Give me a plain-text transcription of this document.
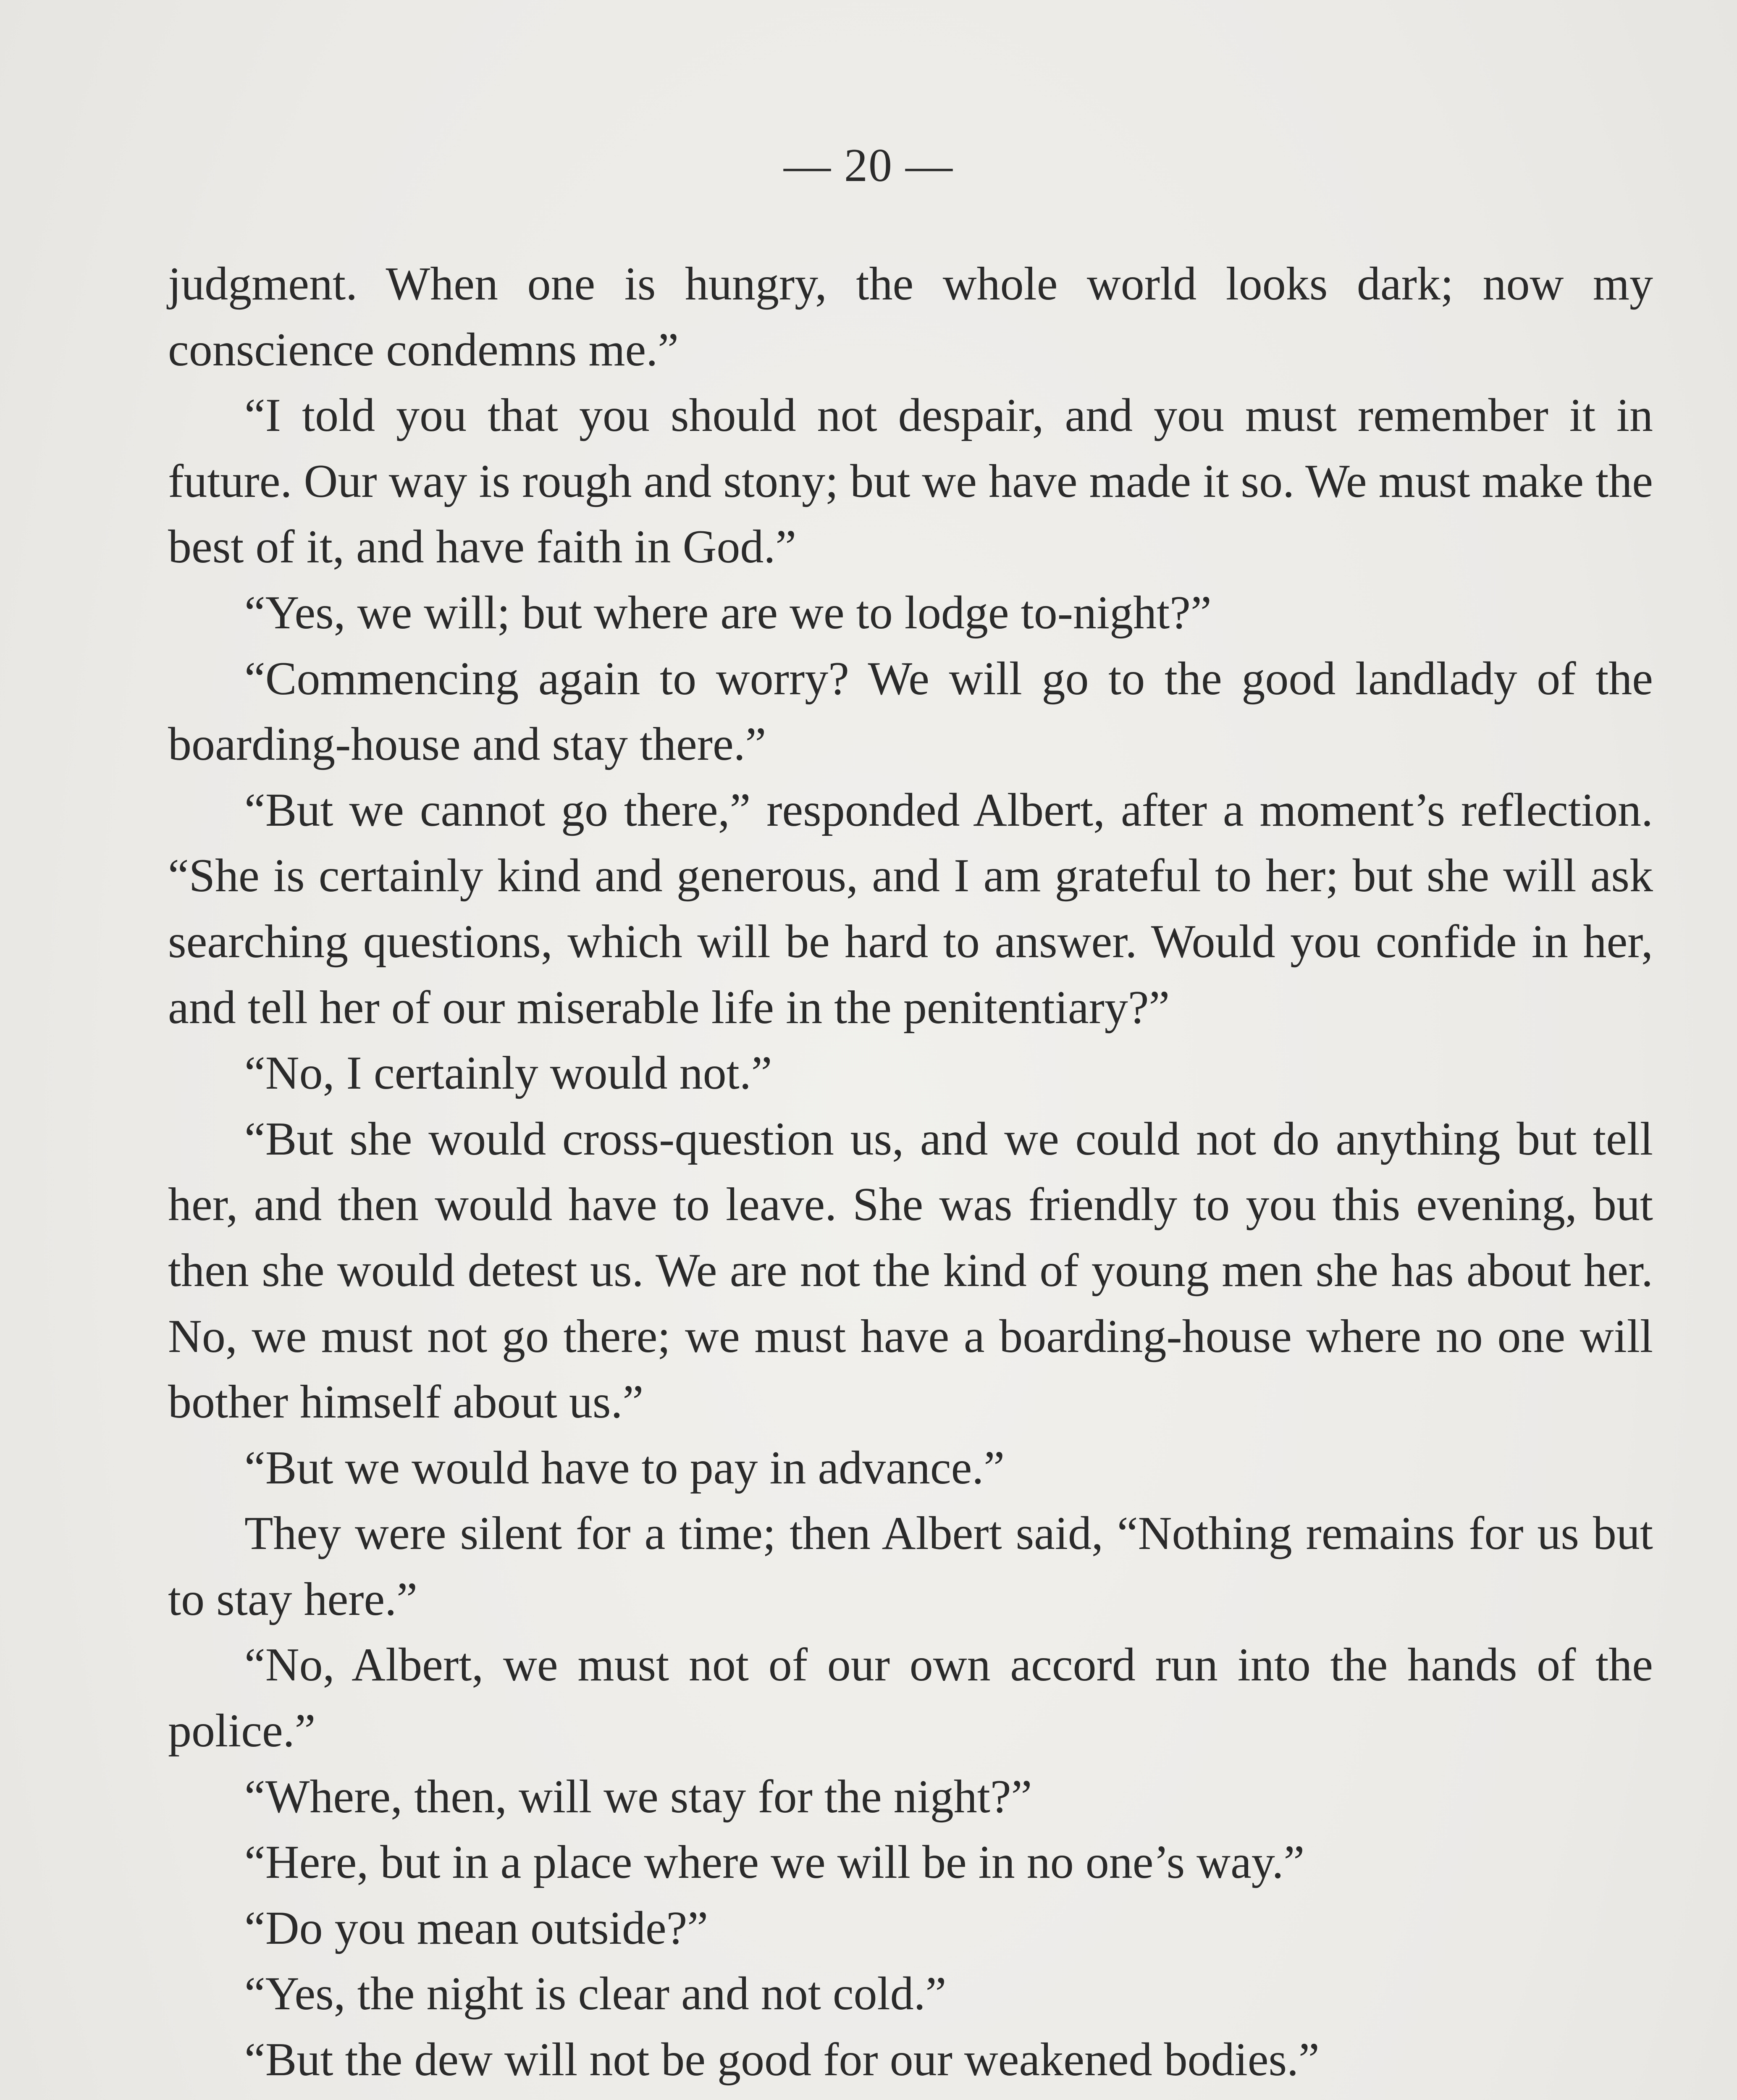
— 20 —

judgment. When one is hungry, the whole world looks dark; now my conscience condemns me.”

“I told you that you should not despair, and you must remember it in future. Our way is rough and stony; but we have made it so. We must make the best of it, and have faith in God.”

“Yes, we will; but where are we to lodge to-night?”

“Commencing again to worry? We will go to the good landlady of the boarding-house and stay there.”

“But we cannot go there,” responded Albert, after a moment’s reflection. “She is certainly kind and generous, and I am grateful to her; but she will ask searching questions, which will be hard to answer. Would you confide in her, and tell her of our miserable life in the penitentiary?”

“No, I certainly would not.”

“But she would cross-question us, and we could not do anything but tell her, and then would have to leave. She was friendly to you this evening, but then she would detest us. We are not the kind of young men she has about her. No, we must not go there; we must have a boarding-house where no one will bother himself about us.”

“But we would have to pay in advance.”

They were silent for a time; then Albert said, “Nothing remains for us but to stay here.”

“No, Albert, we must not of our own accord run into the hands of the police.”

“Where, then, will we stay for the night?”

“Here, but in a place where we will be in no one’s way.”

“Do you mean outside?”

“Yes, the night is clear and not cold.”

“But the dew will not be good for our weakened bodies.”
